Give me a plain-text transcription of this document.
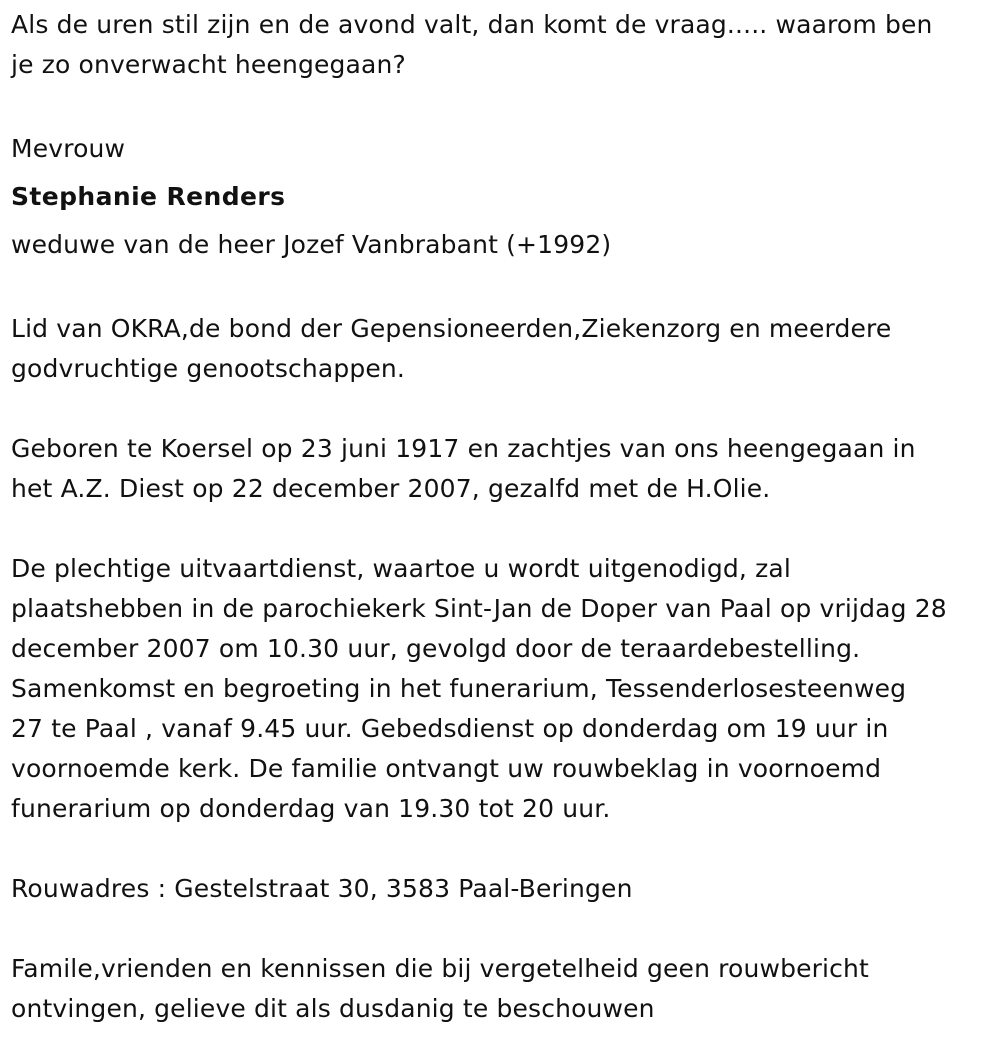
Als de uren stil zijn en de avond valt, dan komt de vraag..... waarom ben
je zo onverwacht heengegaan?
Mevrouw
Stephanie Renders
weduwe van de heer Jozef Vanbrabant (+1992)
Lid van OKRA,de bond der Gepensioneerden,Ziekenzorg en meerdere
godvruchtige genootschappen.
Geboren te Koersel op 23 juni 1917 en zachtjes van ons heengegaan in
het A.Z. Diest op 22 december 2007, gezalfd met de H.Olie.
De plechtige uitvaartdienst, waartoe u wordt uitgenodigd, zal
plaatshebben in de parochiekerk Sint-Jan de Doper van Paal op vrijdag 28
december 2007 om 10.30 uur, gevolgd door de teraardebestelling.
Samenkomst en begroeting in het funerarium, Tessenderlosesteenweg
27 te Paal , vanaf 9.45 uur. Gebedsdienst op donderdag om 19 uur in
voornoemde kerk. De familie ontvangt uw rouwbeklag in voornoemd
funerarium op donderdag van 19.30 tot 20 uur.
Rouwadres : Gestelstraat 30, 3583 Paal-Beringen
Famile,vrienden en kennissen die bij vergetelheid geen rouwbericht
ontvingen, gelieve dit als dusdanig te beschouwen
